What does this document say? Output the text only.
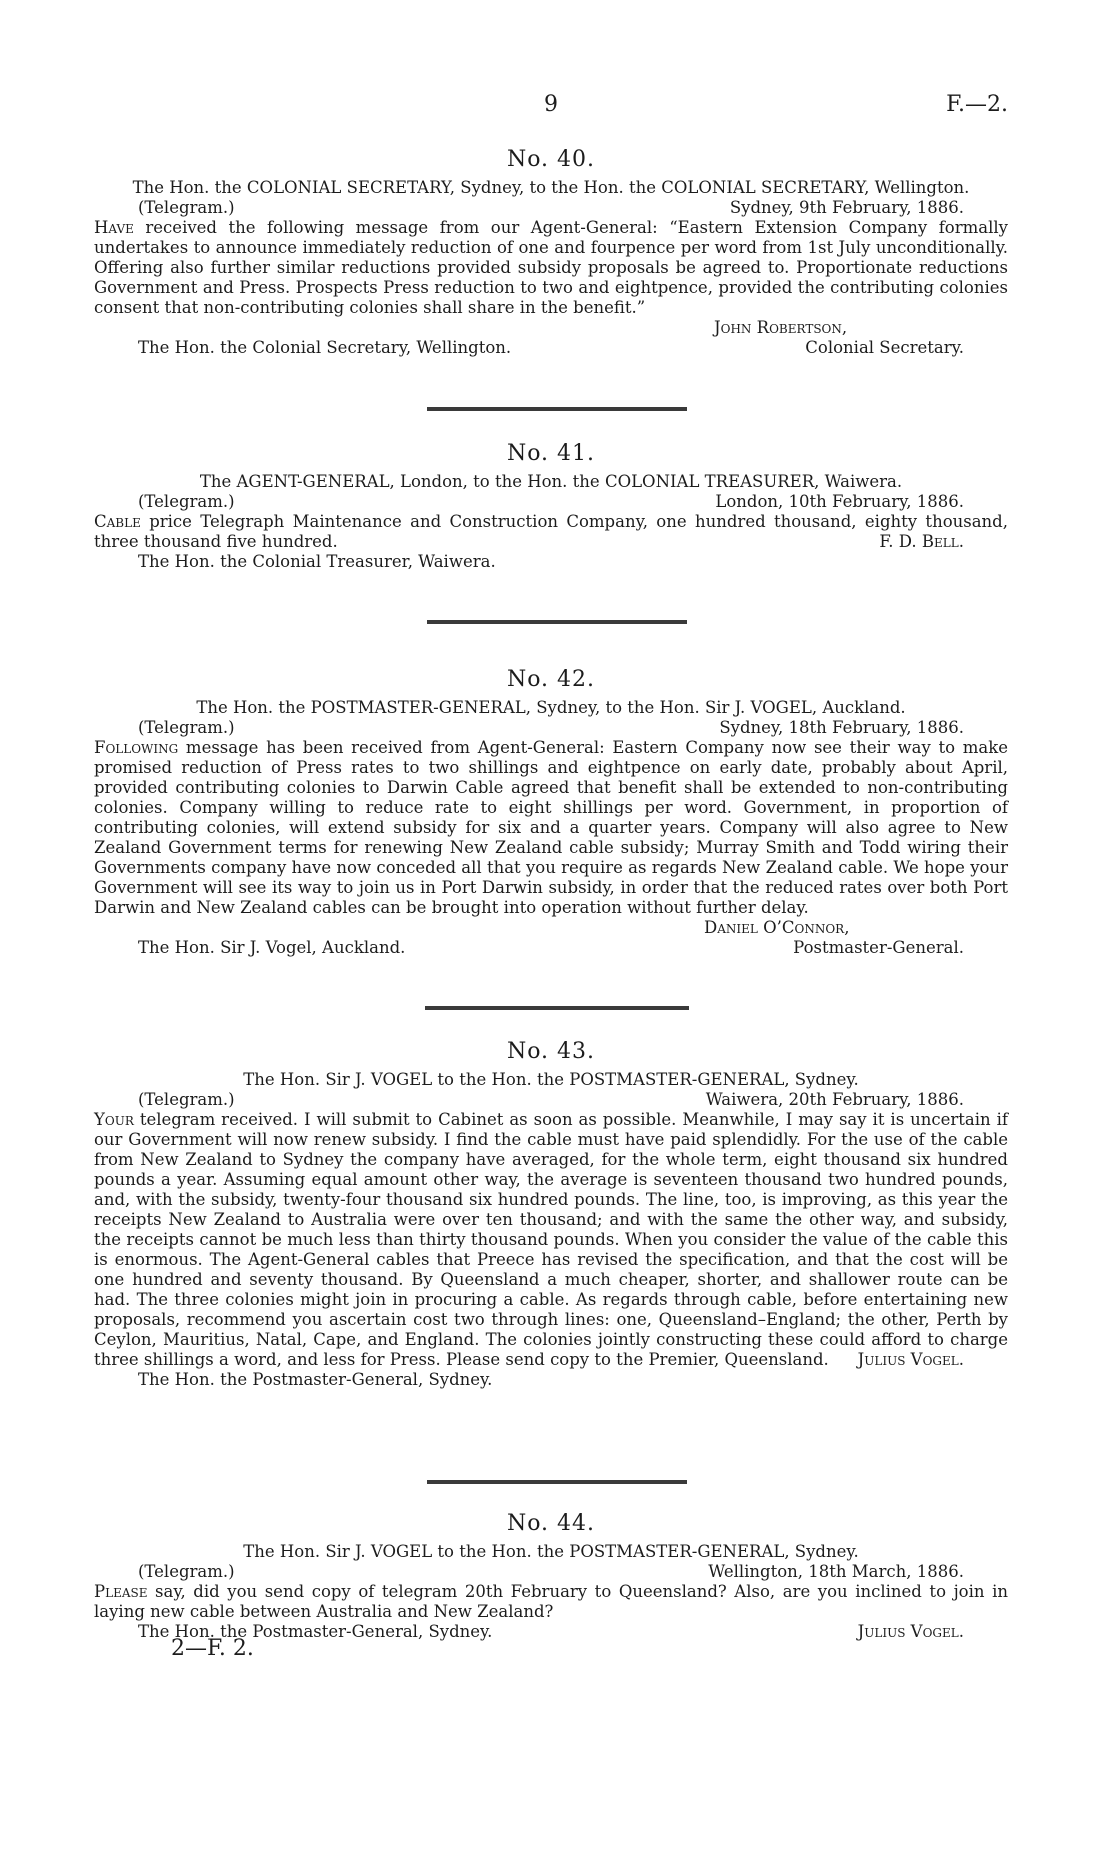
9	F.—2.
No. 40.
The Hon. the COLONIAL SECRETARY, Sydney, to the Hon. the COLONIAL SECRETARY, Wellington.
(Telegram.)	Sydney, 9th February, 1886.

Have received the following message from our Agent-General: “Eastern Extension Company formally undertakes to announce immediately reduction of one and fourpence per word from 1st July unconditionally. Offering also further similar reductions provided subsidy proposals be agreed to. Proportionate reductions Government and Press. Prospects Press reduction to two and eightpence, provided the contributing colonies consent that non-contributing colonies shall share in the benefit.”

John Robertson,
The Hon. the Colonial Secretary, Wellington.	Colonial Secretary.
No. 41.
The AGENT-GENERAL, London, to the Hon. the COLONIAL TREASURER, Waiwera.
(Telegram.)	London, 10th February, 1886.

Cable price Telegraph Maintenance and Construction Company, one hundred thousand, eighty thousand, three thousand five hundred.	F. D. Bell.
The Hon. the Colonial Treasurer, Waiwera.
No. 42.
The Hon. the POSTMASTER-GENERAL, Sydney, to the Hon. Sir J. VOGEL, Auckland.
(Telegram.)	Sydney, 18th February, 1886.

Following message has been received from Agent-General: Eastern Company now see their way to make promised reduction of Press rates to two shillings and eightpence on early date, probably about April, provided contributing colonies to Darwin Cable agreed that benefit shall be extended to non-contributing colonies. Company willing to reduce rate to eight shillings per word. Government, in proportion of contributing colonies, will extend subsidy for six and a quarter years. Company will also agree to New Zealand Government terms for renewing New Zealand cable subsidy; Murray Smith and Todd wiring their Governments company have now conceded all that you require as regards New Zealand cable. We hope your Government will see its way to join us in Port Darwin subsidy, in order that the reduced rates over both Port Darwin and New Zealand cables can be brought into operation without further delay.

Daniel O’Connor,
The Hon. Sir J. Vogel, Auckland.	Postmaster-General.
No. 43.
The Hon. Sir J. VOGEL to the Hon. the POSTMASTER-GENERAL, Sydney.
(Telegram.)	Waiwera, 20th February, 1886.

Your telegram received. I will submit to Cabinet as soon as possible. Meanwhile, I may say it is uncertain if our Government will now renew subsidy. I find the cable must have paid splendidly. For the use of the cable from New Zealand to Sydney the company have averaged, for the whole term, eight thousand six hundred pounds a year. Assuming equal amount other way, the average is seventeen thousand two hundred pounds, and, with the subsidy, twenty-four thousand six hundred pounds. The line, too, is improving, as this year the receipts New Zealand to Australia were over ten thousand; and with the same the other way, and subsidy, the receipts cannot be much less than thirty thousand pounds. When you consider the value of the cable this is enormous. The Agent-General cables that Preece has revised the specification, and that the cost will be one hundred and seventy thousand. By Queensland a much cheaper, shorter, and shallower route can be had. The three colonies might join in procuring a cable. As regards through cable, before entertaining new proposals, recommend you ascertain cost two through lines: one, Queensland–England; the other, Perth by Ceylon, Mauritius, Natal, Cape, and England. The colonies jointly constructing these could afford to charge three shillings a word, and less for Press. Please send copy to the Premier, Queensland.	Julius Vogel.
The Hon. the Postmaster-General, Sydney.
No. 44.
The Hon. Sir J. VOGEL to the Hon. the POSTMASTER-GENERAL, Sydney.
(Telegram.)	Wellington, 18th March, 1886.

Please say, did you send copy of telegram 20th February to Queensland? Also, are you inclined to join in laying new cable between Australia and New Zealand?

The Hon. the Postmaster-General, Sydney.	Julius Vogel.
2—F. 2.
